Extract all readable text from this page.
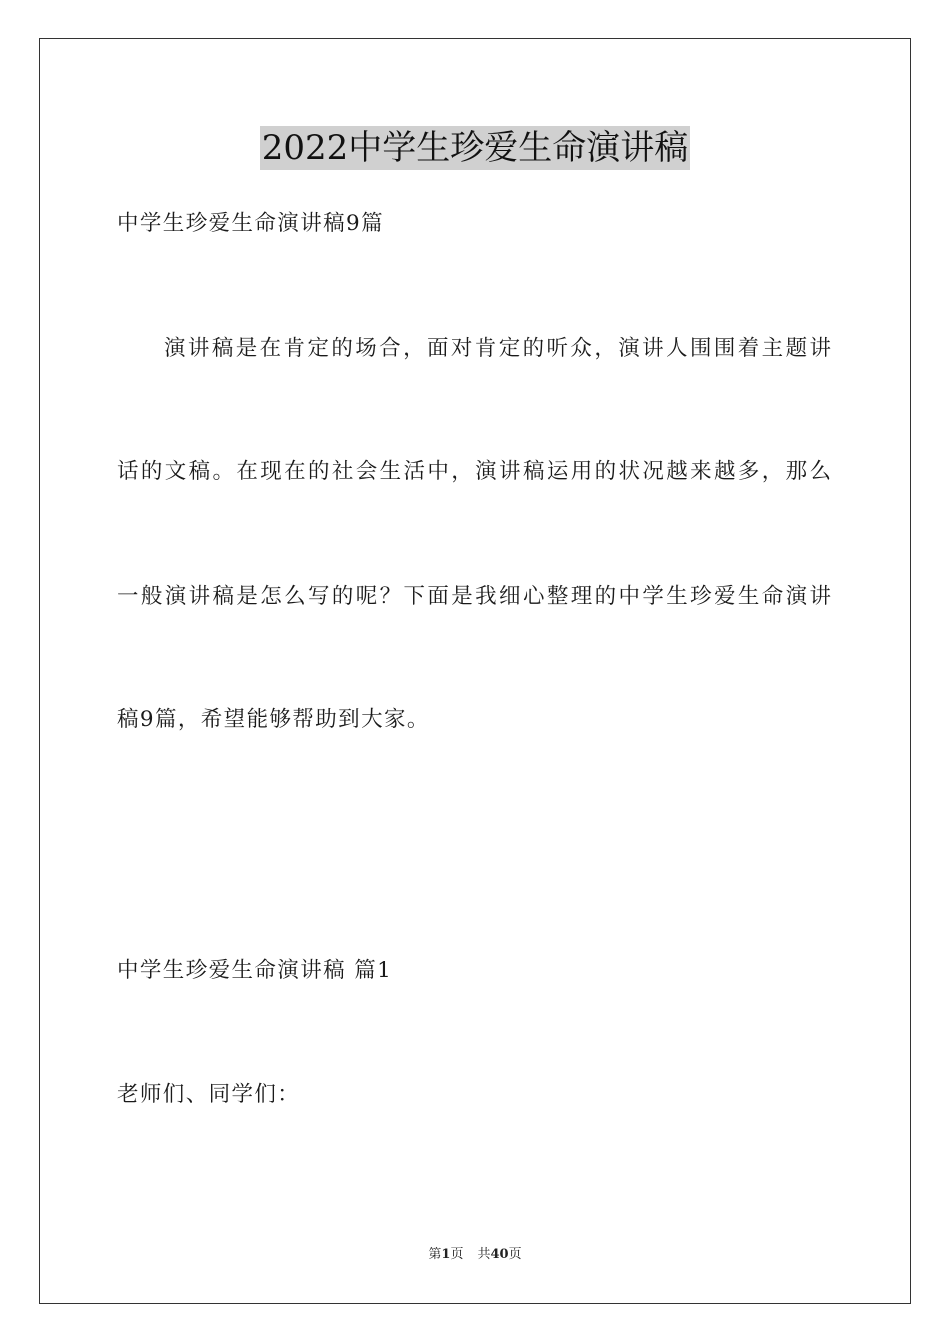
2022中学生珍爱生命演讲稿
中学生珍爱生命演讲稿9篇
演讲稿是在肯定的场合，面对肯定的听众，演讲人围围着主题讲
话的文稿。在现在的社会生活中，演讲稿运用的状况越来越多，那么
一般演讲稿是怎么写的呢？下面是我细心整理的中学生珍爱生命演讲
稿9篇，希望能够帮助到大家。
中学生珍爱生命演讲稿 篇1
老师们、同学们：
第1页 共40页
